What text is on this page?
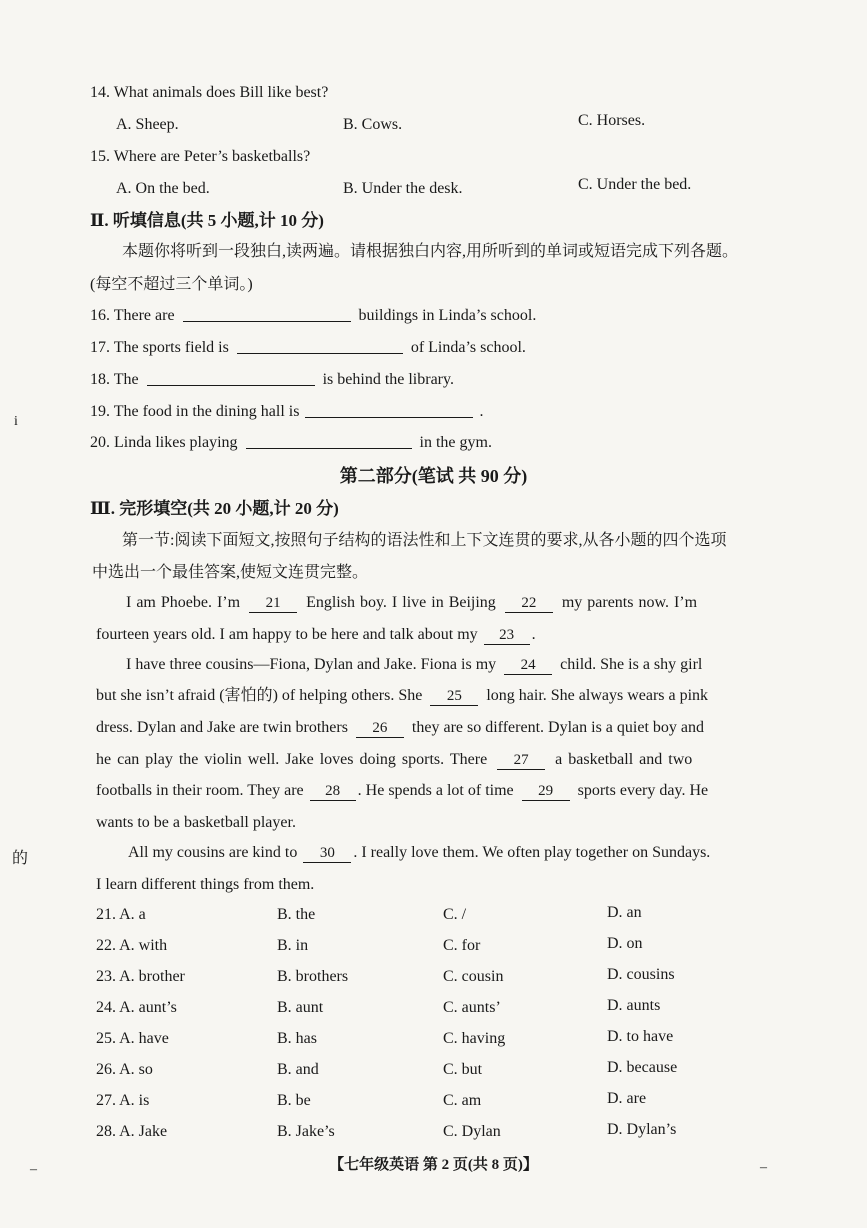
14. What animals does Bill like best?
A. Sheep.	B. Cows.	C. Horses.
15. Where are Peter’s basketballs?
A. On the bed.	B. Under the desk.	C. Under the bed.
Ⅱ. 听填信息(共 5 小题,计 10 分)
本题你将听到一段独白,读两遍。请根据独白内容,用所听到的单词或短语完成下列各题。
(每空不超过三个单词。)
16. There are	buildings in Linda’s school.
17. The sports field is	of Linda’s school.
18. The	is behind the library.
19. The food in the dining hall is	.
20. Linda likes playing	in the gym.
第二部分(笔试 共 90 分)
Ⅲ. 完形填空(共 20 小题,计 20 分)
第一节:阅读下面短文,按照句子结构的语法性和上下文连贯的要求,从各小题的四个选项
中选出一个最佳答案,使短文连贯完整。
I am Phoebe. I’m 21 English boy. I live in Beijing 22 my parents now. I’m
fourteen years old. I am happy to be here and talk about my 23 .
I have three cousins—Fiona, Dylan and Jake. Fiona is my 24 child. She is a shy girl
but she isn’t afraid (害怕的) of helping others. She 25 long hair. She always wears a pink
dress. Dylan and Jake are twin brothers 26 they are so different. Dylan is a quiet boy and
he can play the violin well. Jake loves doing sports. There 27 a basketball and two
footballs in their room. They are 28 . He spends a lot of time 29 sports every day. He
wants to be a basketball player.
All my cousins are kind to 30 . I really love them. We often play together on Sundays.
I learn different things from them.
21. A. a	B. the	C. /	D. an
22. A. with	B. in	C. for	D. on
23. A. brother	B. brothers	C. cousin	D. cousins
24. A. aunt’s	B. aunt	C. aunts’	D. aunts
25. A. have	B. has	C. having	D. to have
26. A. so	B. and	C. but	D. because
27. A. is	B. be	C. am	D. are
28. A. Jake	B. Jake’s	C. Dylan	D. Dylan’s
【七年级英语 第 2 页(共 8 页)】
i
的
–	–
